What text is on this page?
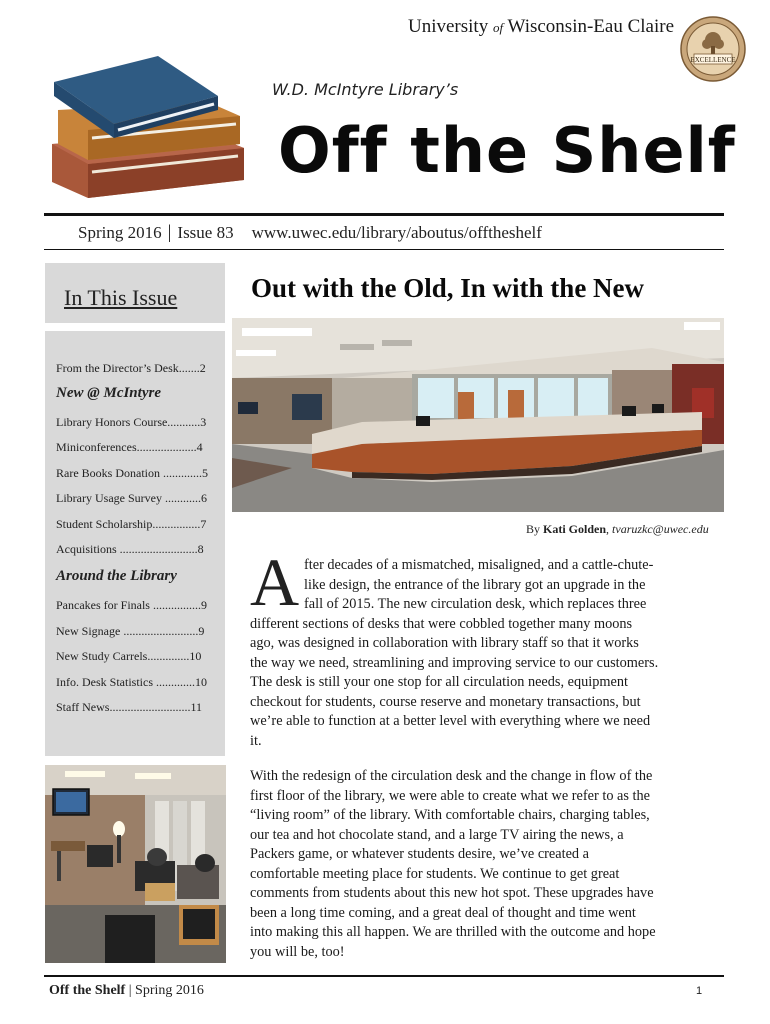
University of Wisconsin-Eau Claire
EXCELLENCE
W.D. McIntyre Library’s
Off the Shelf
Spring 2016 | Issue 83 www.uwec.edu/library/aboutus/offtheshelf
In This Issue
From the Director’s Desk.......2
New @ McIntyre
Library Honors Course...........3
Miniconferences....................4
Rare Books Donation .............5
Library Usage Survey ............6
Student Scholarship................7
Acquisitions ..........................8
Around the Library
Pancakes for Finals ................9
New Signage .........................9
New Study Carrels..............10
Info. Desk Statistics .............10
Staff News...........................11
Out with the Old, In with the New
By Kati Golden, tvaruzkc@uwec.edu
A fter decades of a mismatched, misaligned, and a cattle-chute-
like design, the entrance of the library got an upgrade in the
fall of 2015. The new circulation desk, which replaces three
different sections of desks that were cobbled together many moons
ago, was designed in collaboration with library staff so that it works
the way we need, streamlining and improving service to our customers.
The desk is still your one stop for all circulation needs, equipment
checkout for students, course reserve and monetary transactions, but
we’re able to function at a better level with everything where we need
it.
With the redesign of the circulation desk and the change in flow of the
first floor of the library, we were able to create what we refer to as the
“living room” of the library. With comfortable chairs, charging tables,
our tea and hot chocolate stand, and a large TV airing the news, a
Packers game, or whatever students desire, we’ve created a
comfortable meeting place for students. We continue to get great
comments from students about this new hot spot. These upgrades have
been a long time coming, and a great deal of thought and time went
into making this all happen. We are thrilled with the outcome and hope
you will be, too!
Off the Shelf | Spring 2016	1
